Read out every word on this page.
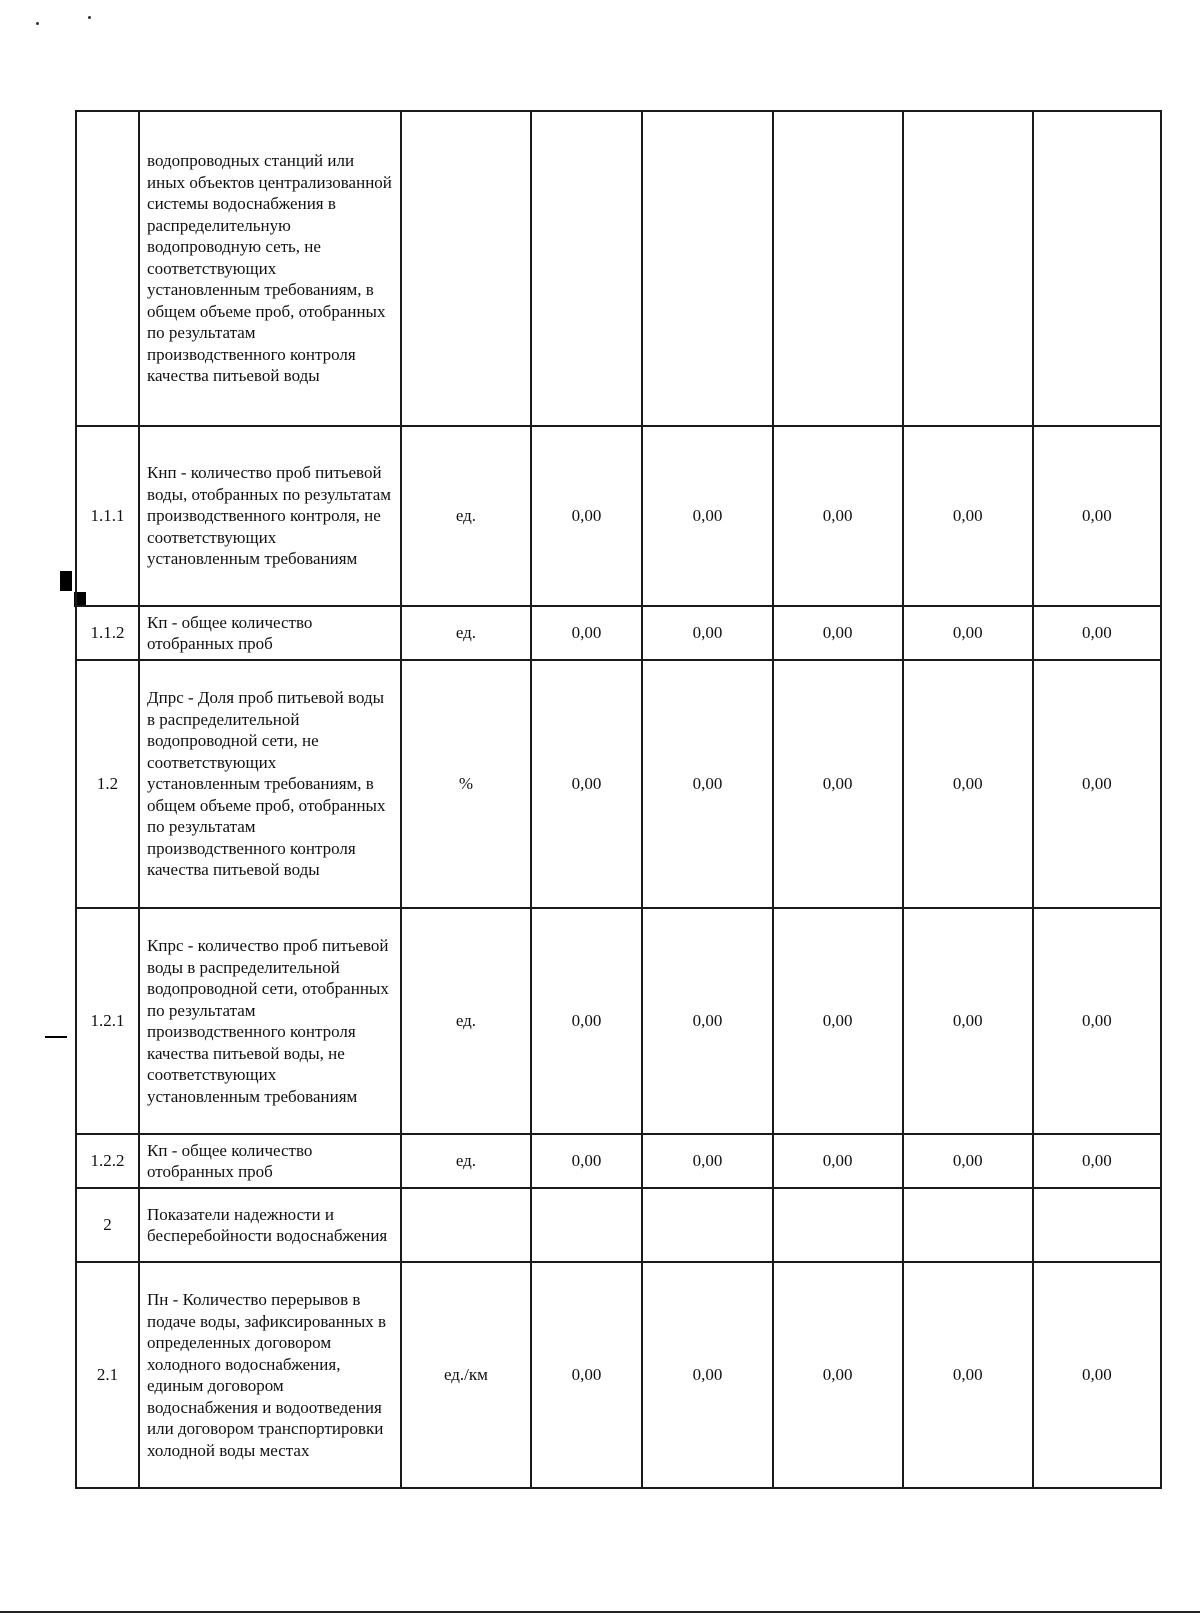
	водопроводных станций или иных объектов централизованной системы водоснабжения в распределительную водопроводную сеть, не соответствующих установленным требованиям, в общем объеме проб, отобранных по результатам производственного контроля качества питьевой воды						
1.1.1	Кнп - количество проб питьевой воды, отобранных по результатам производственного контроля, не соответствующих установленным требованиям	ед.	0,00	0,00	0,00	0,00	0,00
1.1.2	Кп - общее количество отобранных проб	ед.	0,00	0,00	0,00	0,00	0,00
1.2	Дпрс - Доля проб питьевой воды в распределительной водопроводной сети, не соответствующих установленным требованиям, в общем объеме проб, отобранных по результатам производственного контроля качества питьевой воды	%	0,00	0,00	0,00	0,00	0,00
1.2.1	Кпрс - количество проб питьевой воды в распределительной водопроводной сети, отобранных по результатам производственного контроля качества питьевой воды, не соответствующих установленным требованиям	ед.	0,00	0,00	0,00	0,00	0,00
1.2.2	Кп - общее количество отобранных проб	ед.	0,00	0,00	0,00	0,00	0,00
2	Показатели надежности и бесперебойности водоснабжения						
2.1	Пн - Количество перерывов в подаче воды, зафиксированных в определенных договором холодного водоснабжения, единым договором водоснабжения и водоотведения или договором транспортировки холодной воды местах	ед./км	0,00	0,00	0,00	0,00	0,00
